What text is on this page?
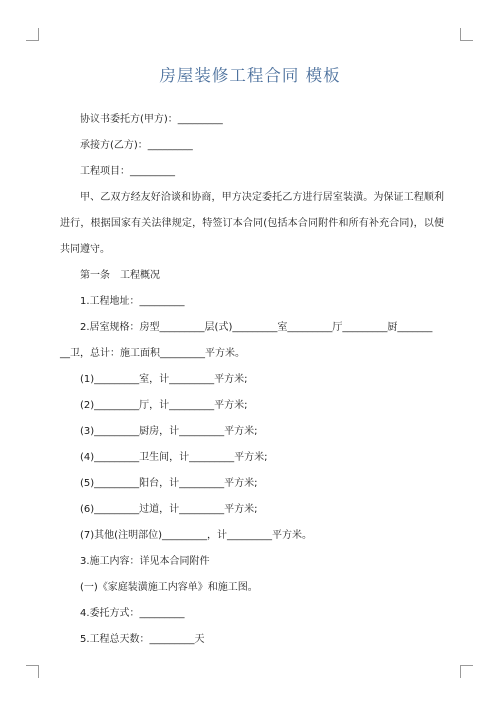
房屋装修工程合同 模板
协议书委托方(甲方)：_________
承接方(乙方)：_________
工程项目：_________
甲、乙双方经友好洽谈和协商，甲方决定委托乙方进行居室装潢。为保证工程顺利进行，根据国家有关法律规定，特签订本合同(包括本合同附件和所有补充合同)，以便共同遵守。
第一条　工程概况
1.工程地址：_________
2.居室规格：房型_________层(式)_________室_________厅_________厨_______
__卫，总计：施工面积_________平方米。
(1)_________室，计_________平方米;
(2)_________厅，计_________平方米;
(3)_________厨房，计_________平方米;
(4)_________卫生间，计_________平方米;
(5)_________阳台，计_________平方米;
(6)_________过道，计_________平方米;
(7)其他(注明部位)_________，计_________平方米。
3.施工内容：详见本合同附件
(一)《家庭装潢施工内容单》和施工图。
4.委托方式：_________
5.工程总天数：_________天
